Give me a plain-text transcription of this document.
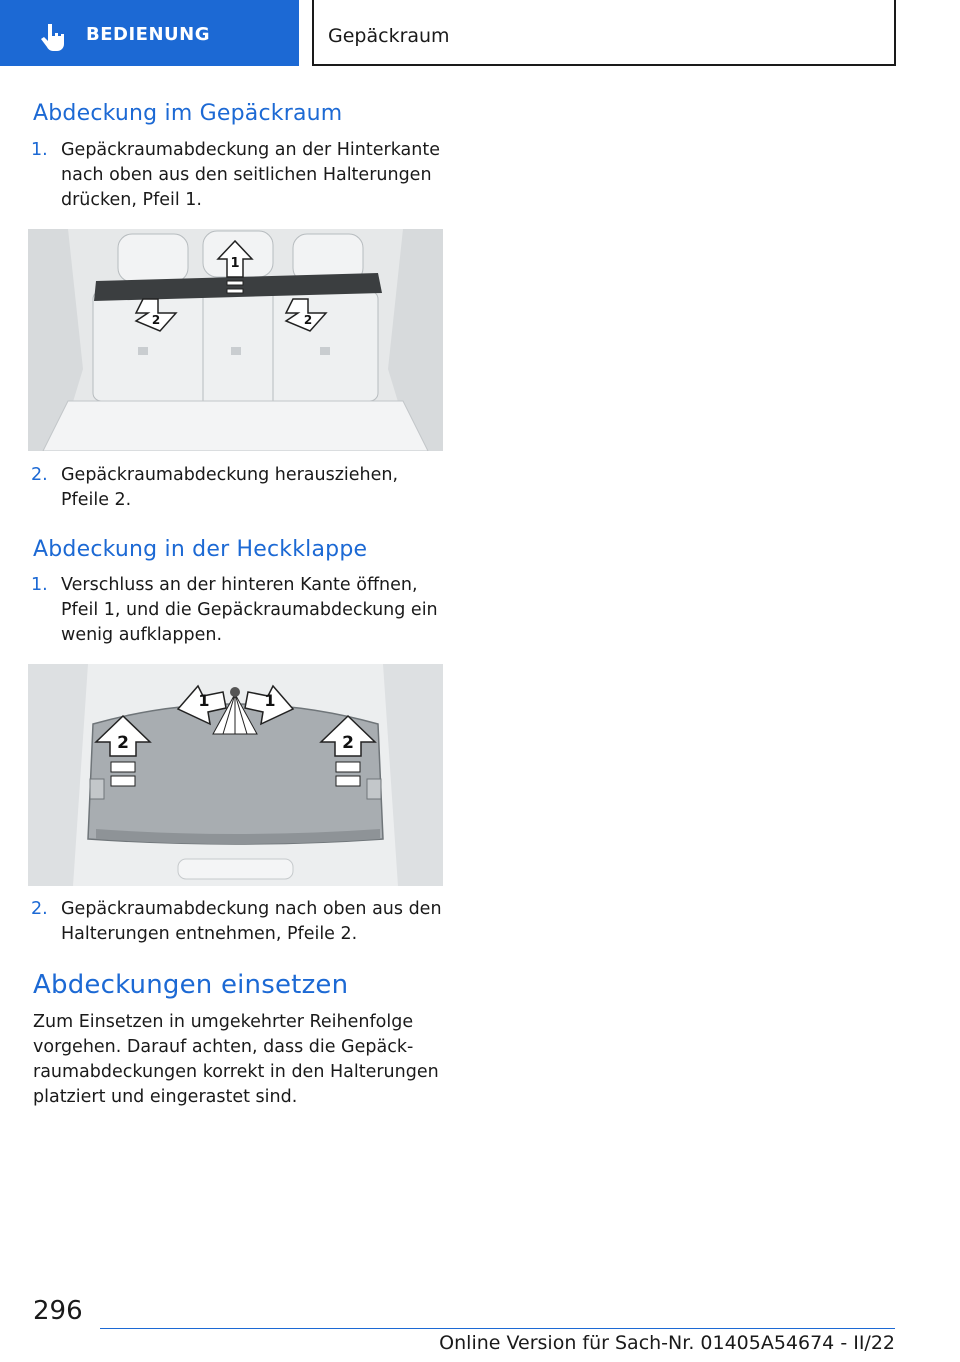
BEDIENUNG	Gepäckraum
Abdeckung im Gepäckraum
1. Gepäckraumabdeckung an der Hinterkante nach oben aus den seitlichen Halterungen drücken, Pfeil 1.
1
2	2
2. Gepäckraumabdeckung herausziehen, Pfeile 2.
Abdeckung in der Heckklappe
1. Verschluss an der hinteren Kante öffnen, Pfeil 1, und die Gepäckraumabdeckung ein wenig aufklappen.
1	1
2	2
2. Gepäckraumabdeckung nach oben aus den Halterungen entnehmen, Pfeile 2.
Abdeckungen einsetzen

Zum Einsetzen in umgekehrter Reihenfolge vorgehen. Darauf achten, dass die Gepäckraumabdeckungen korrekt in den Halterungen platziert und eingerastet sind.

296
Online Version für Sach-Nr. 01405A54674 - II/22
